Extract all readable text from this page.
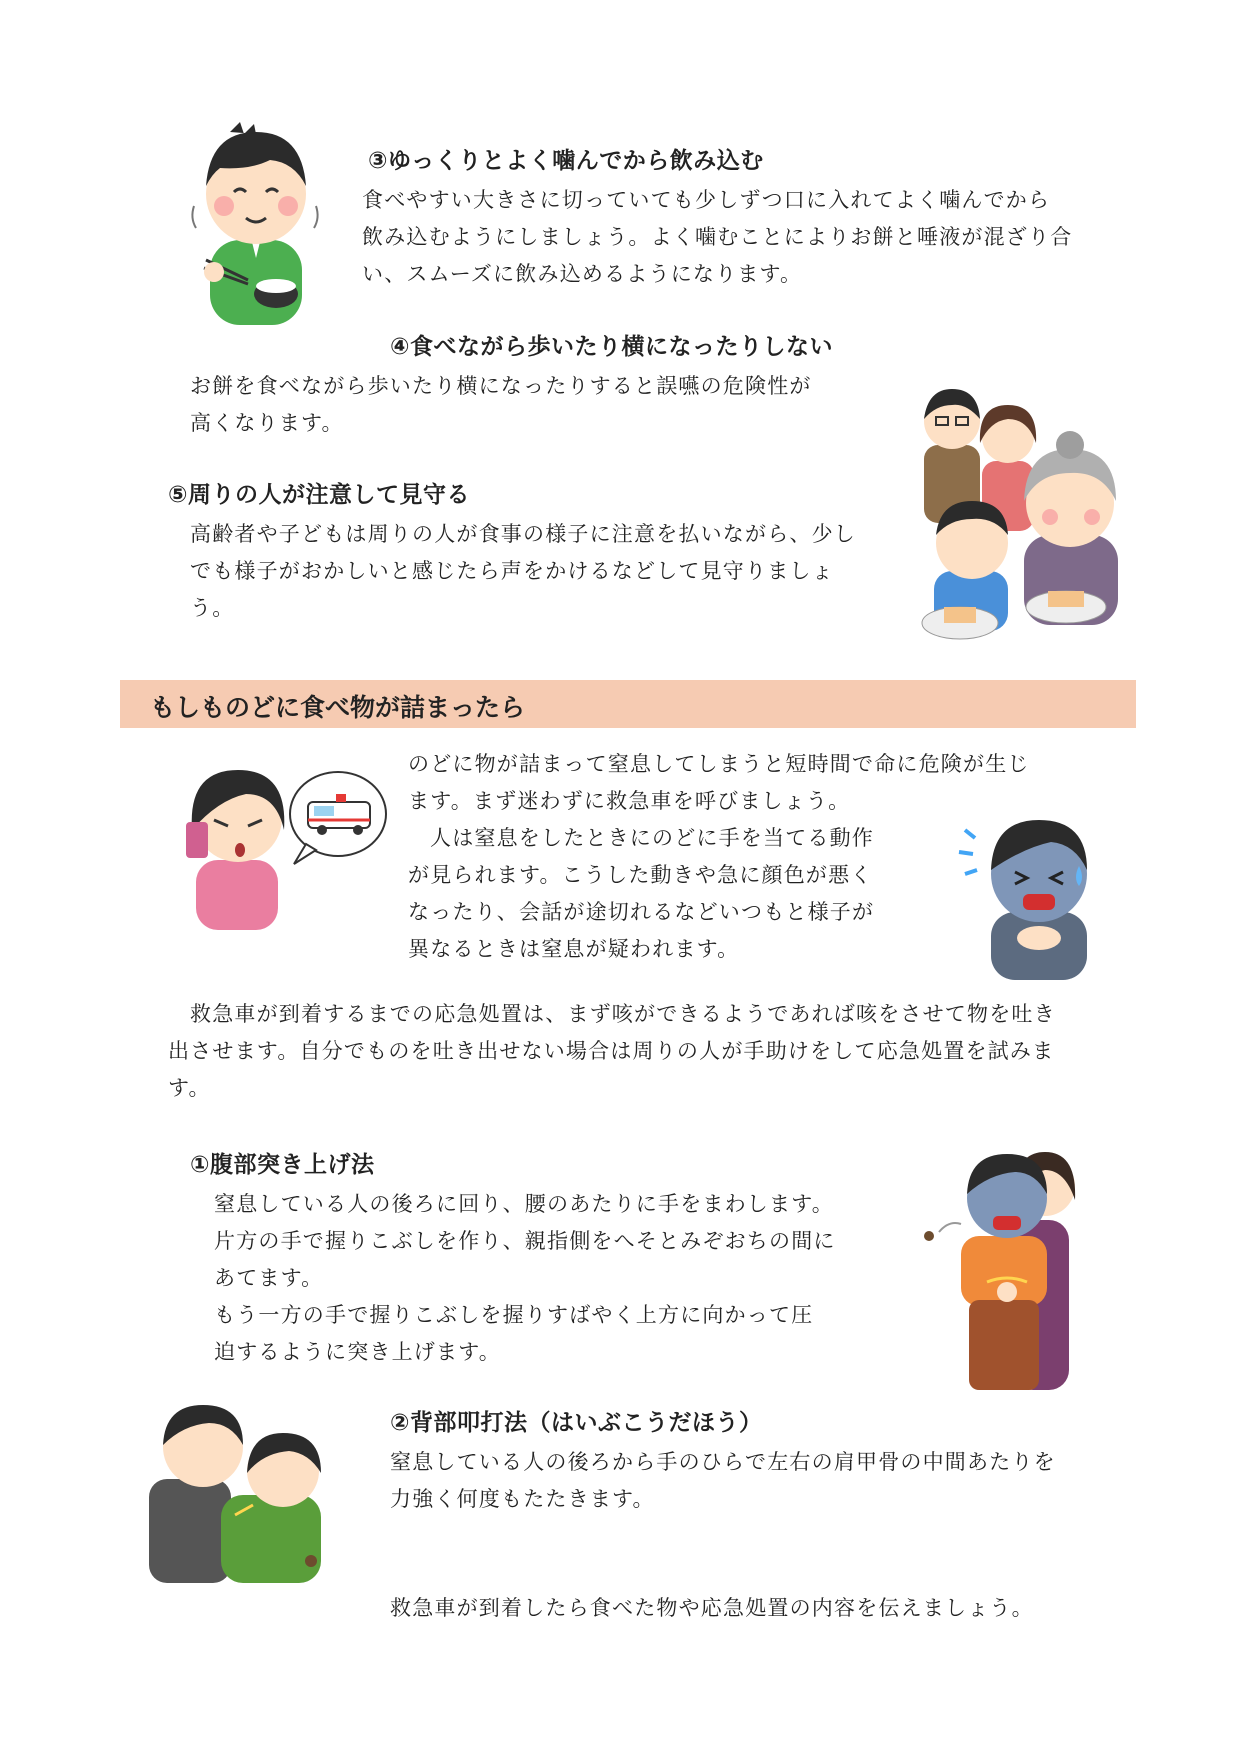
③ゆっくりとよく噛んでから飲み込む

食べやすい大きさに切っていても少しずつ口に入れてよく噛んでから

飲み込むようにしましょう。よく噛むことによりお餅と唾液が混ざり合

い、スムーズに飲み込めるようになります。

④食べながら歩いたり横になったりしない

お餅を食べながら歩いたり横になったりすると誤嚥の危険性が

高くなります。

⑤周りの人が注意して見守る

高齢者や子どもは周りの人が食事の様子に注意を払いながら、少し

でも様子がおかしいと感じたら声をかけるなどして見守りましょ

う。

もしものどに食べ物が詰まったら

のどに物が詰まって窒息してしまうと短時間で命に危険が生じ

ます。まず迷わずに救急車を呼びましょう。

人は窒息をしたときにのどに手を当てる動作

が見られます。こうした動きや急に顔色が悪く

なったり、会話が途切れるなどいつもと様子が

異なるときは窒息が疑われます。

救急車が到着するまでの応急処置は、まず咳ができるようであれば咳をさせて物を吐き

出させます。自分でものを吐き出せない場合は周りの人が手助けをして応急処置を試みま

す。

①腹部突き上げ法

窒息している人の後ろに回り、腰のあたりに手をまわします。

片方の手で握りこぶしを作り、親指側をへそとみぞおちの間に

あてます。

もう一方の手で握りこぶしを握りすばやく上方に向かって圧

迫するように突き上げます。

②背部叩打法（はいぶこうだほう）

窒息している人の後ろから手のひらで左右の肩甲骨の中間あたりを

力強く何度もたたきます。

救急車が到着したら食べた物や応急処置の内容を伝えましょう。
